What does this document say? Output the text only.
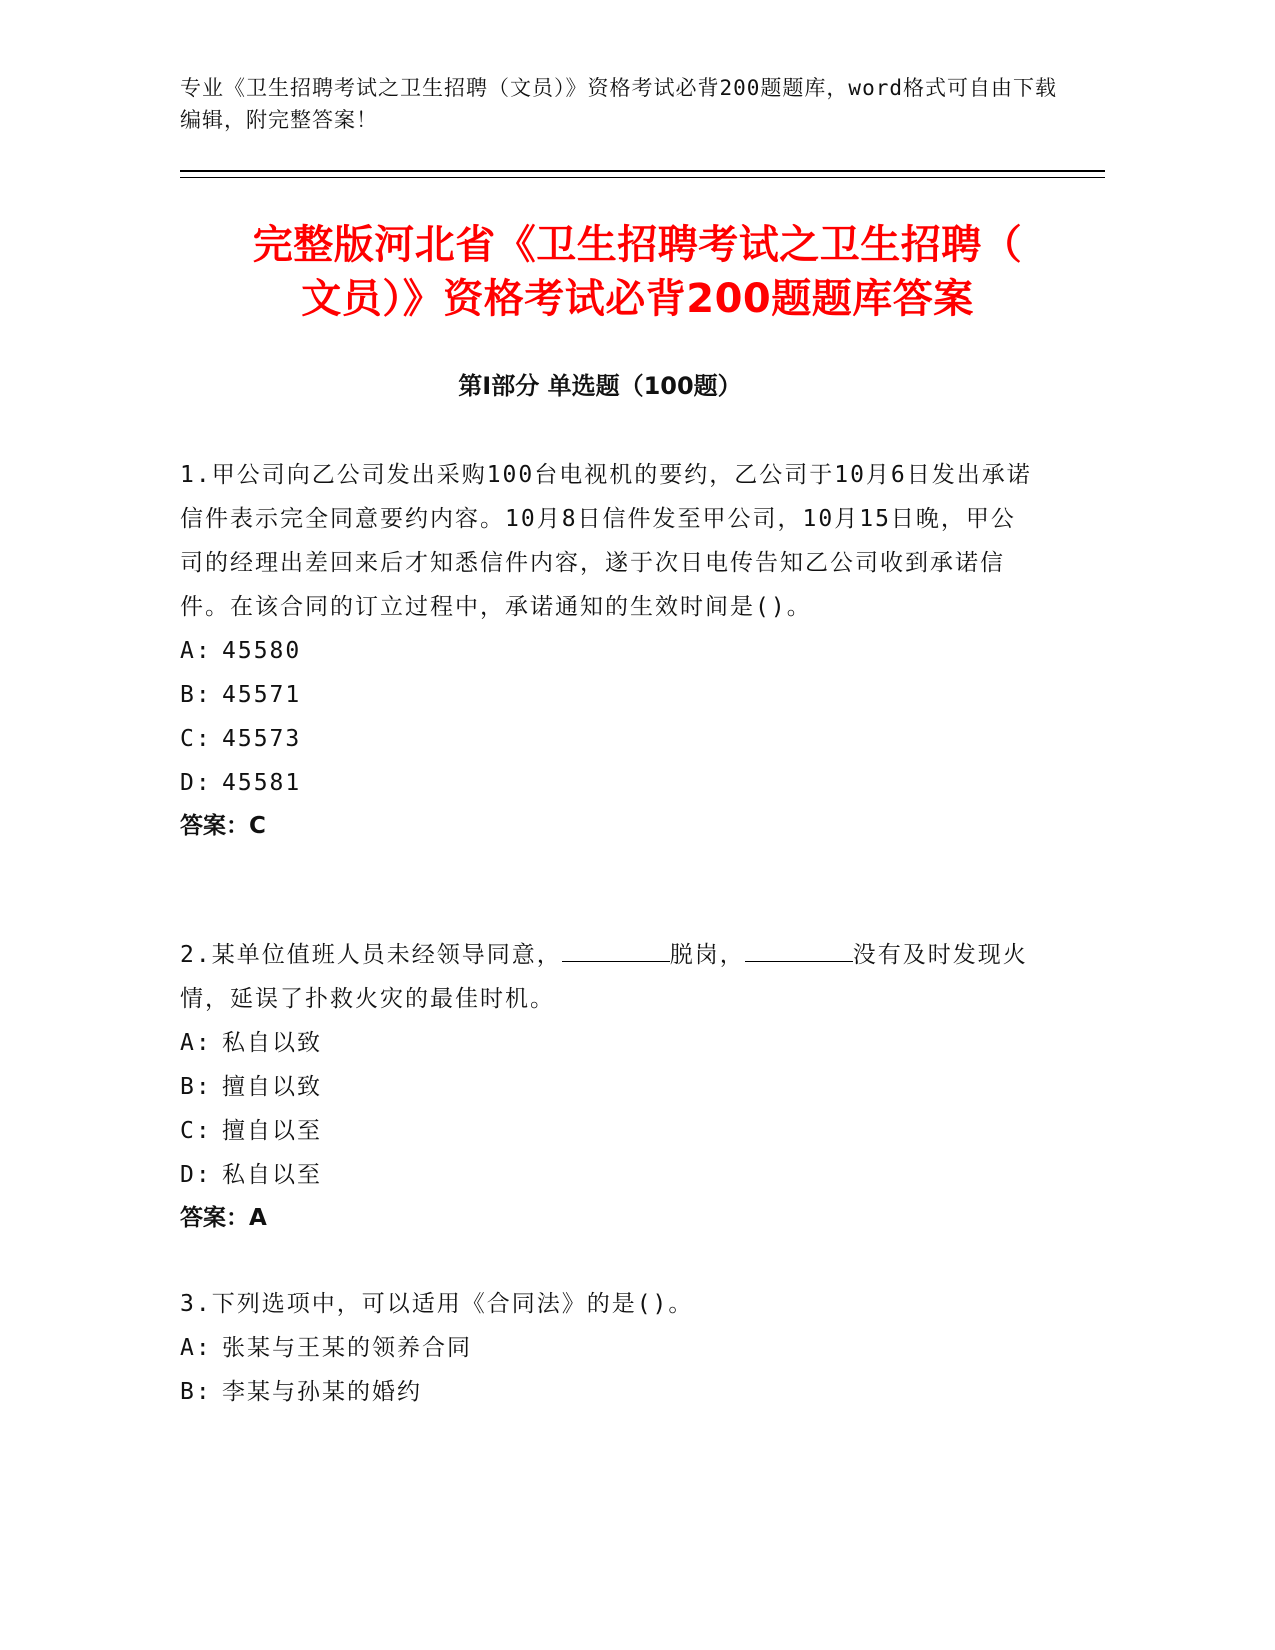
专业《卫生招聘考试之卫生招聘（文员）》资格考试必背200题题库，word格式可自由下载编辑，附完整答案！
完整版河北省《卫生招聘考试之卫生招聘（
文员）》资格考试必背200题题库答案
第Ⅰ部分 单选题（100题）
1.甲公司向乙公司发出采购100台电视机的要约，乙公司于10月6日发出承诺信件表示完全同意要约内容。10月8日信件发至甲公司，10月15日晚，甲公司的经理出差回来后才知悉信件内容，遂于次日电传告知乙公司收到承诺信件。在该合同的订立过程中，承诺通知的生效时间是()。
A: 45580
B: 45571
C: 45573
D: 45581
答案：C
2.某单位值班人员未经领导同意，	脱岗，	没有及时发现火情，延误了扑救火灾的最佳时机。
A: 私自以致
B: 擅自以致
C: 擅自以至
D: 私自以至
答案：A
3.下列选项中，可以适用《合同法》的是()。
A: 张某与王某的领养合同
B: 李某与孙某的婚约
